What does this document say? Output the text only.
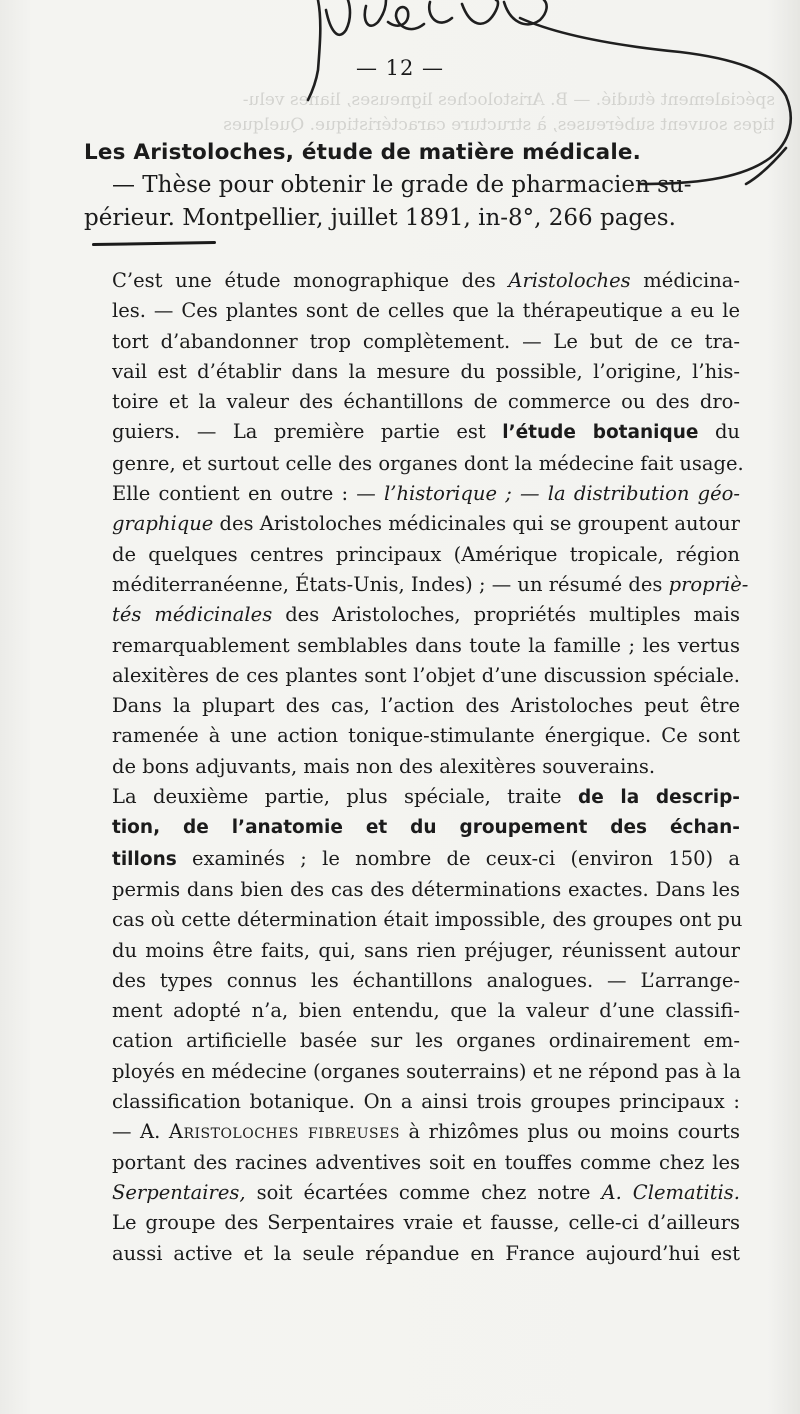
spécialement étudié. — B. Aristoloches ligneuses, lianes velu-
tiges souvent subéreuses, à structure caractéristique. Quelques
— 12 —
Les Aristoloches, étude de matière médicale.
— Thèse pour obtenir le grade de pharmacien su-
périeur. Montpellier, juillet 1891, in-8°, 266 pages.

C’est une étude monographique des Aristoloches médicina-
les. — Ces plantes sont de celles que la thérapeutique a eu le
tort d’abandonner trop complètement. — Le but de ce tra-
vail est d’établir dans la mesure du possible, l’origine, l’his-
toire et la valeur des échantillons de commerce ou des dro-
guiers. — La première partie est l’étude botanique du
genre, et surtout celle des organes dont la médecine fait usage.
Elle contient en outre : — l’historique ; — la distribution géo-
graphique des Aristoloches médicinales qui se groupent autour
de quelques centres principaux (Amérique tropicale, région
méditerranéenne, États-Unis, Indes) ; — un résumé des propriè-
tés médicinales des Aristoloches, propriétés multiples mais
remarquablement semblables dans toute la famille ; les vertus
alexitères de ces plantes sont l’objet d’une discussion spéciale.
Dans la plupart des cas, l’action des Aristoloches peut être
ramenée à une action tonique-stimulante énergique. Ce sont
de bons adjuvants, mais non des alexitères souverains.

La deuxième partie, plus spéciale, traite de la descrip-
tion, de l’anatomie et du groupement des échan-
tillons examinés ; le nombre de ceux-ci (environ 150) a
permis dans bien des cas des déterminations exactes. Dans les
cas où cette détermination était impossible, des groupes ont pu
du moins être faits, qui, sans rien préjuger, réunissent autour
des types connus les échantillons analogues. — L’arrange-
ment adopté n’a, bien entendu, que la valeur d’une classifi-
cation artificielle basée sur les organes ordinairement em-
ployés en médecine (organes souterrains) et ne répond pas à la
classification botanique. On a ainsi trois groupes principaux :
— A. Aristoloches fibreuses à rhizômes plus ou moins courts
portant des racines adventives soit en touffes comme chez les
Serpentaires, soit écartées comme chez notre A. Clematitis.
Le groupe des Serpentaires vraie et fausse, celle-ci d’ailleurs
aussi active et la seule répandue en France aujourd’hui est
